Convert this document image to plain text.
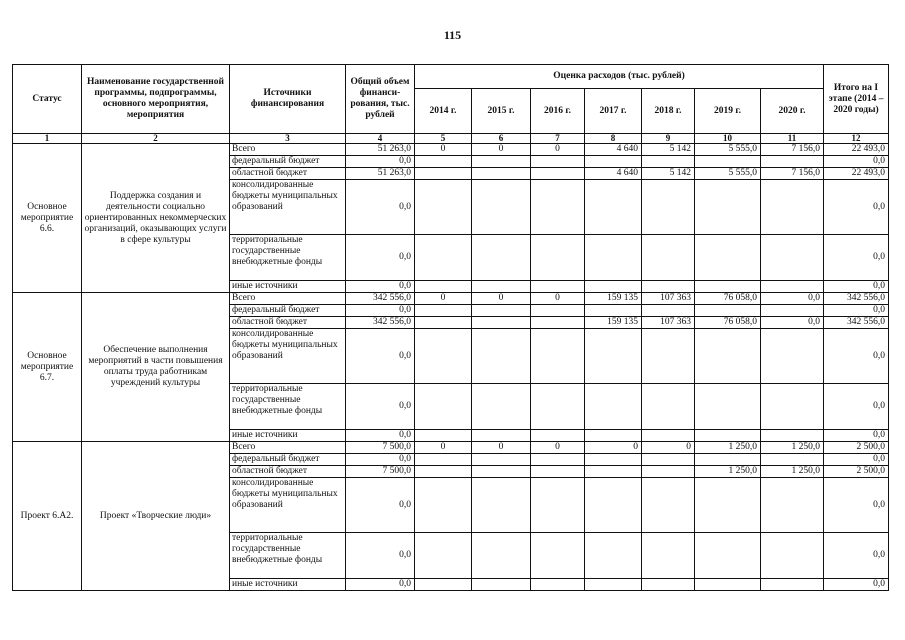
115
Статус	Наименование государственной программы, подпрограммы, основного мероприятия, мероприятия	Источники финансирования	Общий объем финанси-рования, тыс. рублей	Оценка расходов (тыс. рублей)							Итого на I этапе (2014 – 2020 годы)
				2014 г.	2015 г.	2016 г.	2017 г.	2018 г.	2019 г.	2020 г.	
1	2	3	4	5	6	7	8	9	10	11	12
Основное мероприятие 6.6.	Поддержка создания и деятельности социально ориентированных некоммерческих организаций, оказывающих услуги в сфере культуры	Всего	51 263,0	0	0	0	4 640	5 142	5 555,0	7 156,0	22 493,0
		федеральный бюджет	0,0								0,0
		областной бюджет	51 263,0				4 640	5 142	5 555,0	7 156,0	22 493,0
		консолидированные бюджеты муниципальных образований	0,0								0,0
		территориальные государственные внебюджетные фонды	0,0								0,0
		иные источники	0,0								0,0
Основное мероприятие 6.7.	Обеспечение выполнения мероприятий в части повышения оплаты труда работникам учреждений культуры	Всего	342 556,0	0	0	0	159 135	107 363	76 058,0	0,0	342 556,0
		федеральный бюджет	0,0								0,0
		областной бюджет	342 556,0				159 135	107 363	76 058,0	0,0	342 556,0
		консолидированные бюджеты муниципальных образований	0,0								0,0
		территориальные государственные внебюджетные фонды	0,0								0,0
		иные источники	0,0								0,0
Проект 6.А2.	Проект «Творческие люди»	Всего	7 500,0	0	0	0	0	0	1 250,0	1 250,0	2 500,0
		федеральный бюджет	0,0								0,0
		областной бюджет	7 500,0						1 250,0	1 250,0	2 500,0
		консолидированные бюджеты муниципальных образований	0,0								0,0
		территориальные государственные внебюджетные фонды	0,0								0,0
		иные источники	0,0								0,0
